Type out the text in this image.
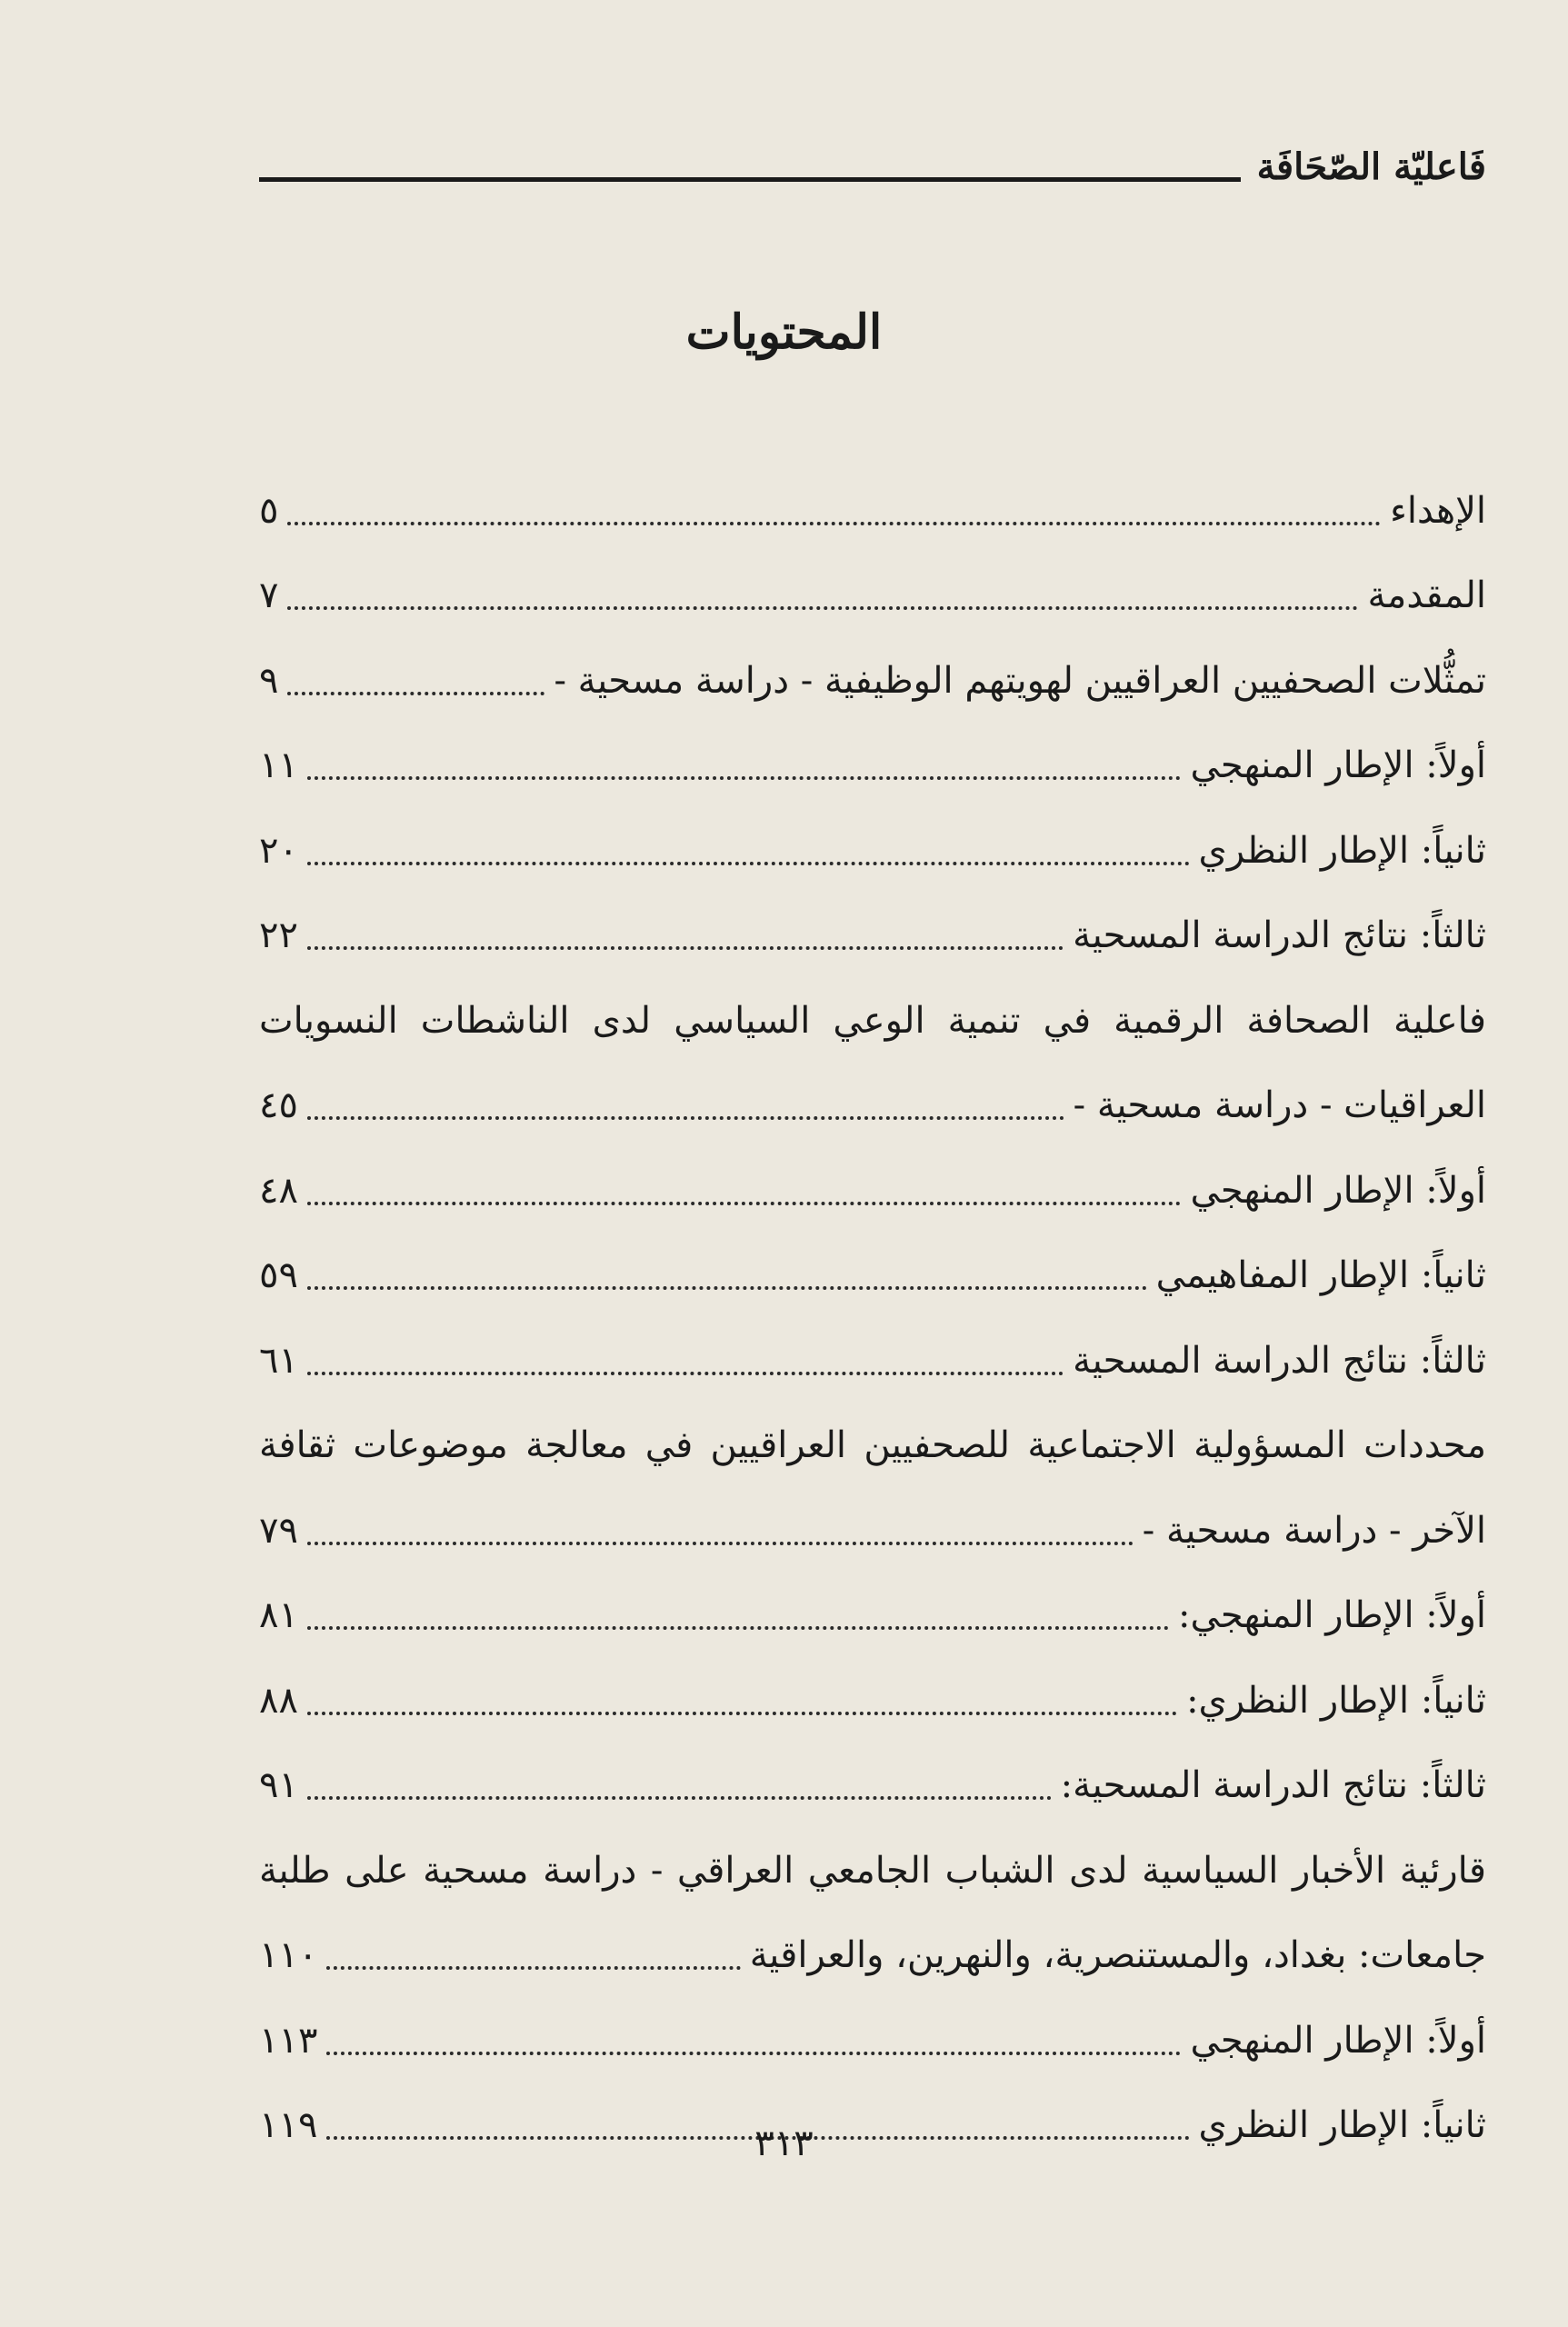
فَاعليّة الصّحَافَة
المحتويات
الإهداء
٥
المقدمة
٧
تمثُّلات الصحفيين العراقيين لهويتهم الوظيفية - دراسة مسحية -
٩
أولاً: الإطار المنهجي
١١
ثانياً: الإطار النظري
٢٠
ثالثاً: نتائج الدراسة المسحية
٢٢
فاعلية الصحافة الرقمية في تنمية الوعي السياسي لدى الناشطات النسويات
العراقيات - دراسة مسحية -
٤٥
أولاً: الإطار المنهجي
٤٨
ثانياً: الإطار المفاهيمي
٥٩
ثالثاً: نتائج الدراسة المسحية
٦١
محددات المسؤولية الاجتماعية للصحفيين العراقيين في معالجة موضوعات ثقافة
الآخر - دراسة مسحية -
٧٩
أولاً: الإطار المنهجي:
٨١
ثانياً: الإطار النظري:
٨٨
ثالثاً: نتائج الدراسة المسحية:
٩١
قارئية الأخبار السياسية لدى الشباب الجامعي العراقي - دراسة مسحية على طلبة
جامعات: بغداد، والمستنصرية، والنهرين، والعراقية
١١٠
أولاً: الإطار المنهجي
١١٣
ثانياً: الإطار النظري
١١٩	٣١٣
